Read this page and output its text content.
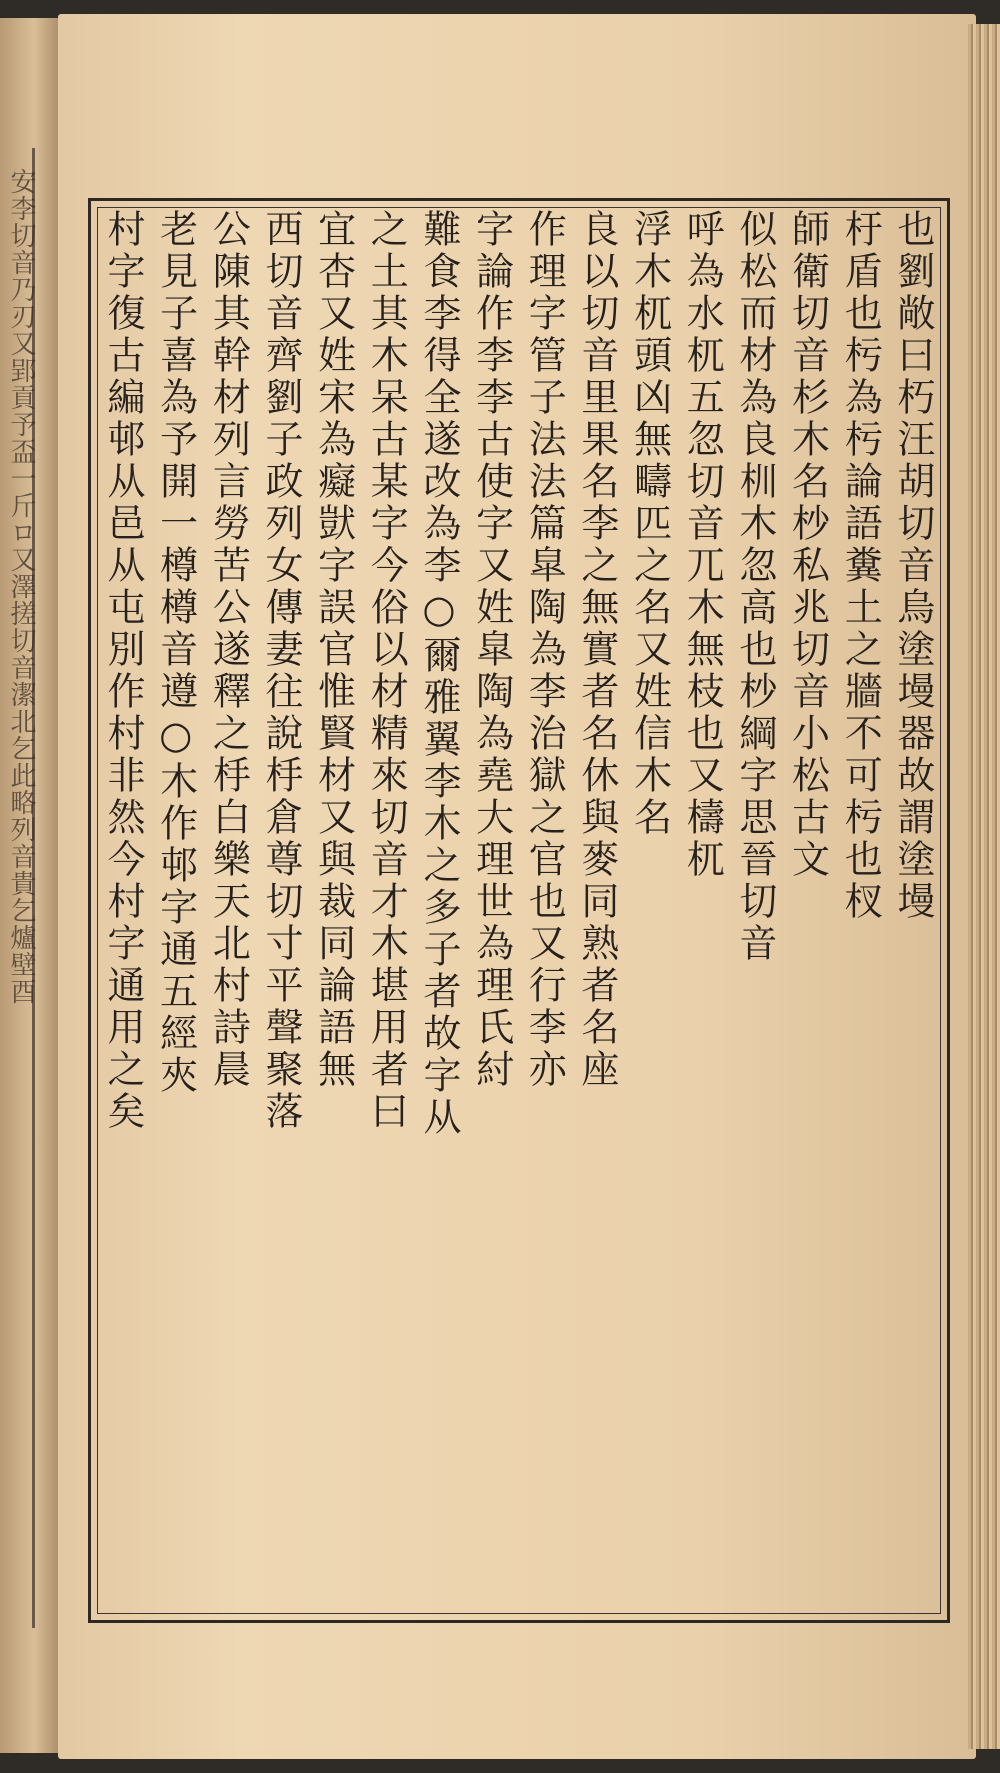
安李切音乃刃又郢貢予盃一斤ロ又澤搓切音潔北乞此略列音貴乞爐壁酉	也劉敞曰朽汪胡切音烏塗墁器故謂塗墁
杅盾也杇為杇論語糞土之牆不可杇也杈
師衛切音杉木名杪私兆切音小松古文
似松而材為良杊木忽高也杪綱字思晉切音
呼為水杌五忽切音兀木無枝也又檮杌
浮木杌頭凶無疇匹之名又姓信木名
良以切音里果名李之無實者名休與麥同熟者名座
作理字管子法法篇皐陶為李治獄之官也又行李亦
字論作李李古使字又姓皐陶為堯大理世為理氏紂
難食李得全遂改為李○爾雅翼李木之多子者故字从
之土其木呆古某字今俗以材精來切音才木堪用者曰
宜杏又姓宋為癡獃字誤官惟賢材又與裁同論語無
西切音齊劉子政列女傳妻往說杽倉尊切寸平聲聚落
公陳其幹材列言勞苦公遂釋之杽白樂天北村詩晨
老見子喜為予開一樽樽音遵○木作邨字通五經夾
村字復古編邨从邑从屯別作村非然今村字通用之矣
